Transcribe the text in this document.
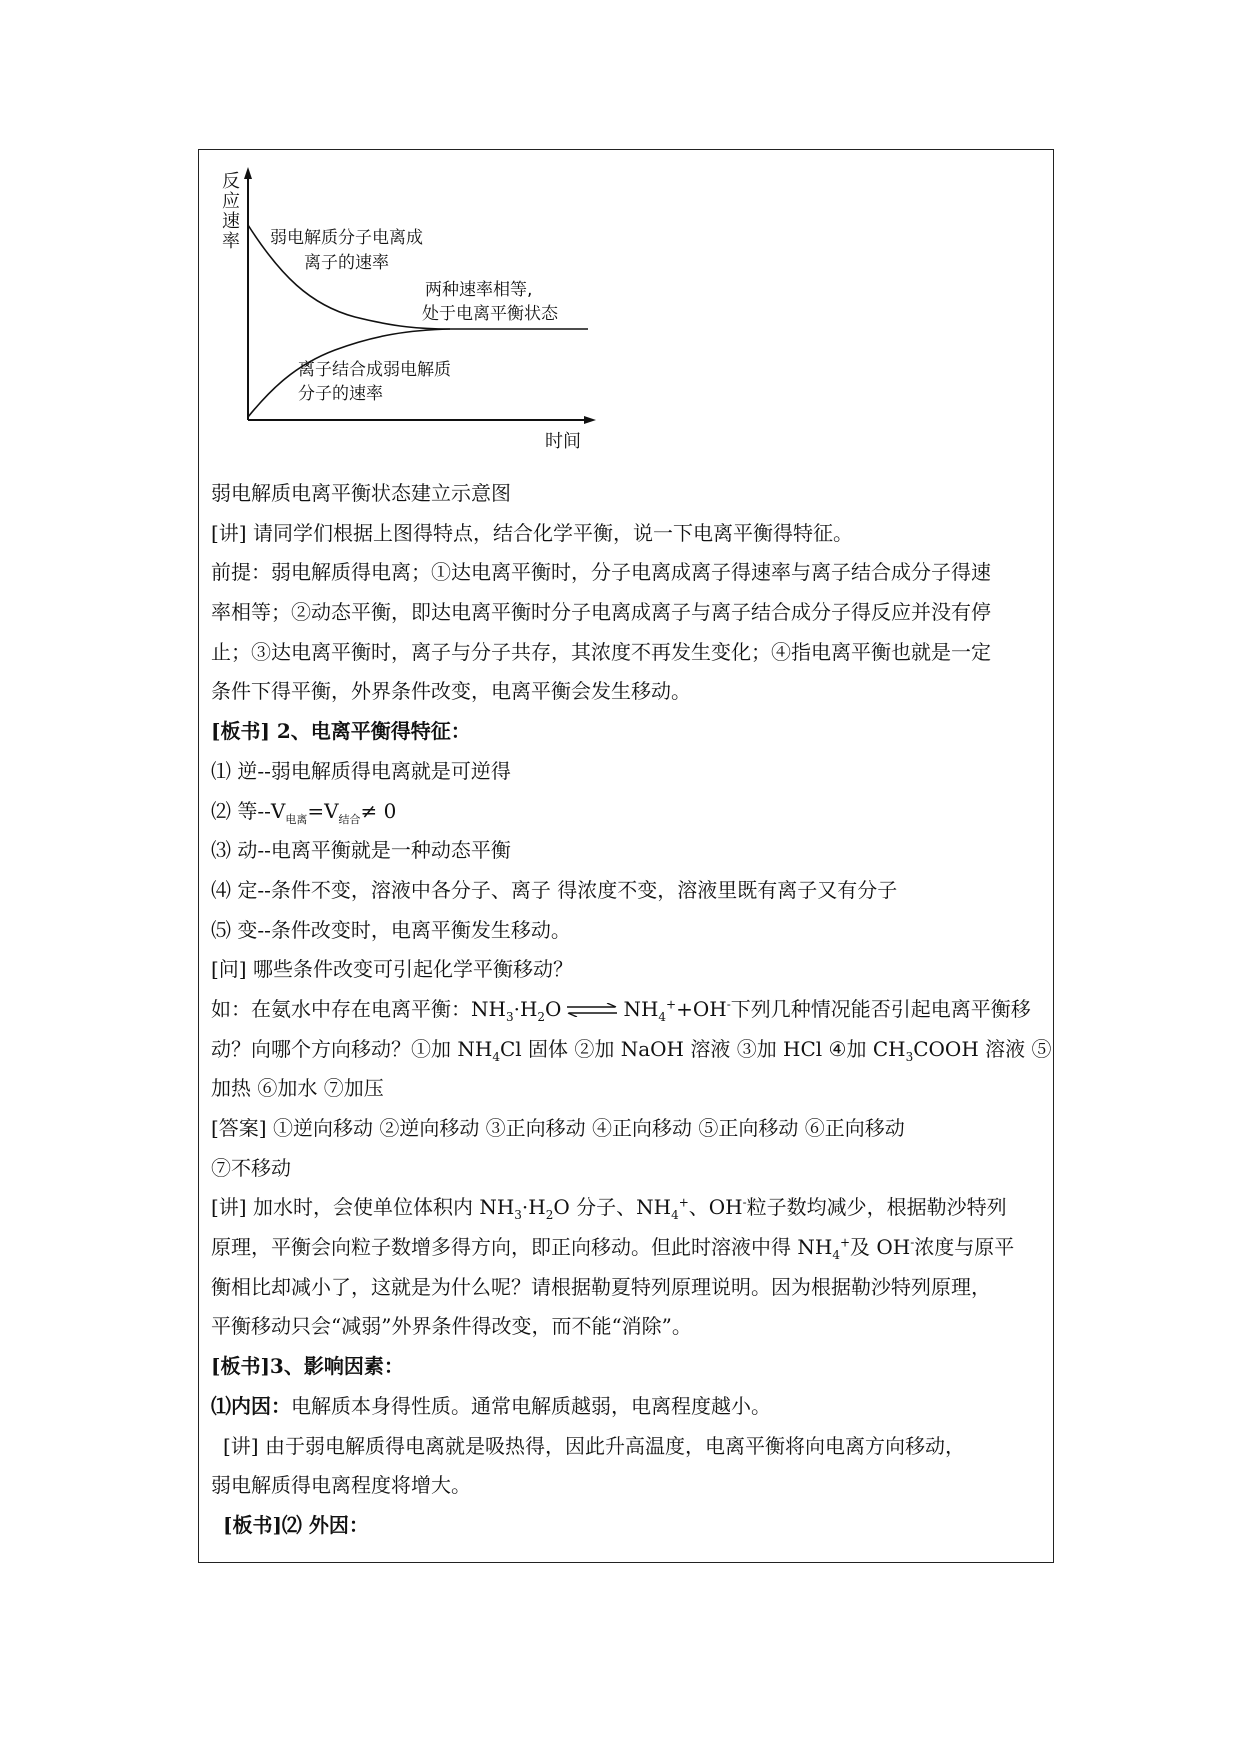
反
应
速
率
时间
弱电解质分子电离成
离子的速率
两种速率相等,
处于电离平衡状态
离子结合成弱电解质
分子的速率
弱电解质电离平衡状态建立示意图
[讲] 请同学们根据上图得特点，结合化学平衡，说一下电离平衡得特征。
前提：弱电解质得电离；①达电离平衡时，分子电离成离子得速率与离子结合成分子得速
率相等；②动态平衡，即达电离平衡时分子电离成离子与离子结合成分子得反应并没有停
止；③达电离平衡时，离子与分子共存，其浓度不再发生变化；④指电离平衡也就是一定
条件下得平衡，外界条件改变，电离平衡会发生移动。
[板书] 2、电离平衡得特征：
⑴ 逆--弱电解质得电离就是可逆得
⑵ 等$--V_{电离}=V_{结合}\ne 0$
⑶ 动--电离平衡就是一种动态平衡
⑷ 定--条件不变，溶液中各分子、离子 得浓度不变，溶液里既有离子又有分子
⑸ 变--条件改变时，电离平衡发生移动。
[问] 哪些条件改变可引起化学平衡移动？
如：在氨水中存在电离平衡：$NH_3\cdot H_2O$ ⇌ $NH_4^++OH^-$下列几种情况能否引起电离平衡移
动？向哪个方向移动？①加 $NH_4Cl$ 固体 ②加 NaOH 溶液 ③加 HCl ④加 $CH_3COOH$ 溶液 ⑤
加热 ⑥加水 ⑦加压
[答案] ①逆向移动 ②逆向移动 ③正向移动 ④正向移动 ⑤正向移动 ⑥正向移动
⑦不移动
[讲] 加水时，会使单位体积内 $NH_3\cdot H_2O$ 分子、$NH_4^+$、OH-粒子数均减少，根据勒沙特列
原理，平衡会向粒子数增多得方向，即正向移动。但此时溶液中得 $NH_4^+$及 OH-浓度与原平
衡相比却减小了，这就是为什么呢？请根据勒夏特列原理说明。因为根据勒沙特列原理，
平衡移动只会“减弱”外界条件得改变，而不能“消除”。
[板书]3、影响因素：
⑴内因：电解质本身得性质。通常电解质越弱，电离程度越小。
[讲] 由于弱电解质得电离就是吸热得，因此升高温度，电离平衡将向电离方向移动，
弱电解质得电离程度将增大。
[板书]⑵ 外因：
